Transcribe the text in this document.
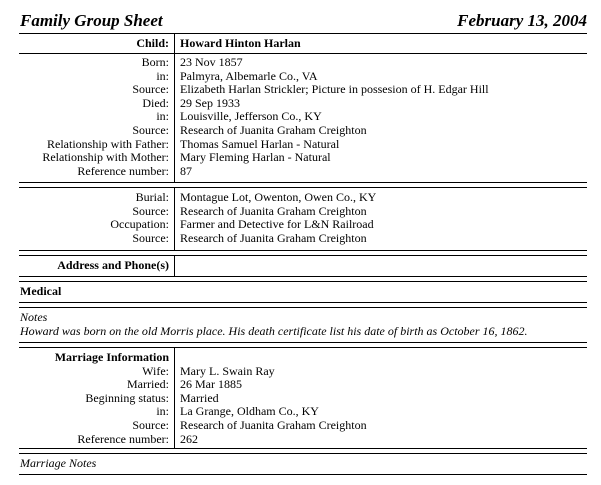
Family Group Sheet	February 13, 2004
Child: Howard Hinton Harlan
Born: 23 Nov 1857
in: Palmyra, Albemarle Co., VA
Source: Elizabeth Harlan Strickler; Picture in possesion of H. Edgar Hill
Died: 29 Sep 1933
in: Louisville, Jefferson Co., KY
Source: Research of Juanita Graham Creighton
Relationship with Father: Thomas Samuel Harlan - Natural
Relationship with Mother: Mary Fleming Harlan - Natural
Reference number: 87
Burial: Montague Lot, Owenton, Owen Co., KY
Source: Research of Juanita Graham Creighton
Occupation: Farmer and Detective for L&N Railroad
Source: Research of Juanita Graham Creighton
Address and Phone(s)
Medical
Notes
Howard was born on the old Morris place. His death certificate list his date of birth as October 16, 1862.
Marriage Information
Wife: Mary L. Swain Ray
Married: 26 Mar 1885
Beginning status: Married
in: La Grange, Oldham Co., KY
Source: Research of Juanita Graham Creighton
Reference number: 262
Marriage Notes
